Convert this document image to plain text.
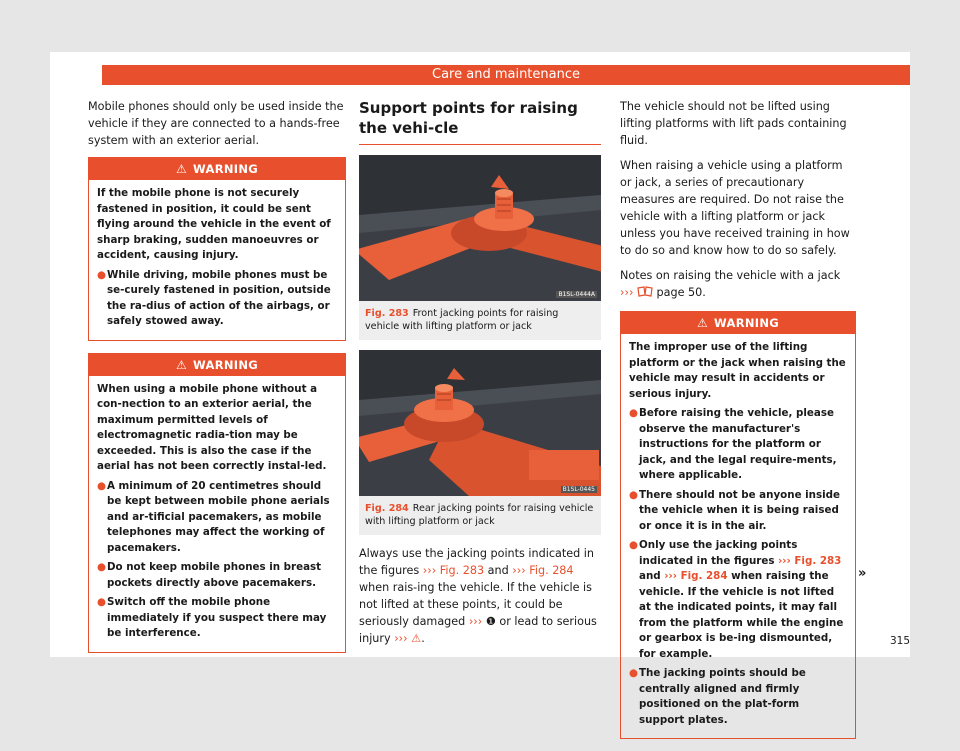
Care and maintenance

Mobile phones should only be used inside the vehicle if they are connected to a hands-free system with an exterior aerial.

⚠ WARNING

If the mobile phone is not securely fastened in position, it could be sent flying around the vehicle in the event of sharp braking, sudden manoeuvres or accident, causing injury.

● While driving, mobile phones must be se-curely fastened in position, outside the ra-dius of action of the airbags, or safely stowed away.
⚠ WARNING

When using a mobile phone without a con-nection to an exterior aerial, the maximum permitted levels of electromagnetic radia-tion may be exceeded. This is also the case if the aerial has not been correctly instal-led.

● A minimum of 20 centimetres should be kept between mobile phone aerials and ar-tificial pacemakers, as mobile telephones may affect the working of pacemakers.
● Do not keep mobile phones in breast pockets directly above pacemakers.
● Switch off the mobile phone immediately if you suspect there may be interference.
Support points for raising the vehi-cle
B1SL-0444A
Fig. 283 Front jacking points for raising vehicle with lifting platform or jack
B1SL-0445
Fig. 284 Rear jacking points for raising vehicle with lifting platform or jack

Always use the jacking points indicated in the figures ››› Fig. 283 and ››› Fig. 284 when rais-ing the vehicle. If the vehicle is not lifted at these points, it could be seriously damaged ››› ❶ or lead to serious injury ››› ⚠.

The vehicle should not be lifted using lifting platforms with lift pads containing fluid.

When raising a vehicle using a platform or jack, a series of precautionary measures are required. Do not raise the vehicle with a lifting platform or jack unless you have received training in how to do so and know how to do so safely.

Notes on raising the vehicle with a jack ››› page 50.

⚠ WARNING

The improper use of the lifting platform or the jack when raising the vehicle may result in accidents or serious injury.

● Before raising the vehicle, please observe the manufacturer's instructions for the platform or jack, and the legal require-ments, where applicable.
● There should not be anyone inside the vehicle when it is being raised or once it is in the air.
● Only use the jacking points indicated in the figures ››› Fig. 283 and ››› Fig. 284 when raising the vehicle. If the vehicle is not lifted at the indicated points, it may fall from the platform while the engine or gearbox is be-ing dismounted, for example.
● The jacking points should be centrally aligned and firmly positioned on the plat-form support plates.
»
315
